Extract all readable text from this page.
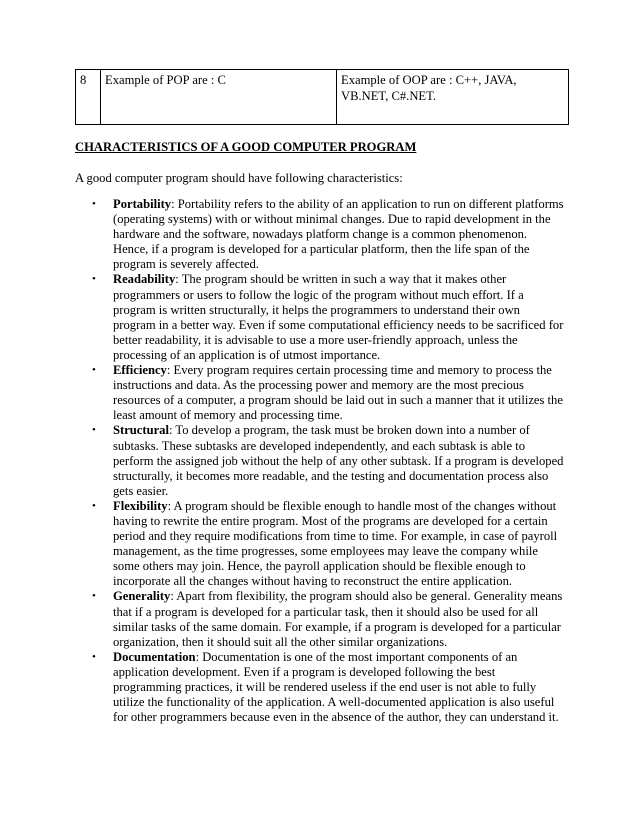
8	Example of POP are : C	Example of OOP are : C++, JAVA, VB.NET, C#.NET.
CHARACTERISTICS OF A GOOD COMPUTER PROGRAM
A good computer program should have following characteristics:
• Portability: Portability refers to the ability of an application to run on different platforms (operating systems) with or without minimal changes. Due to rapid development in the hardware and the software, nowadays platform change is a common phenomenon. Hence, if a program is developed for a particular platform, then the life span of the program is severely affected.
• Readability: The program should be written in such a way that it makes other programmers or users to follow the logic of the program without much effort. If a program is written structurally, it helps the programmers to understand their own program in a better way. Even if some computational efficiency needs to be sacrificed for better readability, it is advisable to use a more user-friendly approach, unless the processing of an application is of utmost importance.
• Efficiency: Every program requires certain processing time and memory to process the instructions and data. As the processing power and memory are the most precious resources of a computer, a program should be laid out in such a manner that it utilizes the least amount of memory and processing time.
• Structural: To develop a program, the task must be broken down into a number of subtasks. These subtasks are developed independently, and each subtask is able to perform the assigned job without the help of any other subtask. If a program is developed structurally, it becomes more readable, and the testing and documentation process also gets easier.
• Flexibility: A program should be flexible enough to handle most of the changes without having to rewrite the entire program. Most of the programs are developed for a certain period and they require modifications from time to time. For example, in case of payroll management, as the time progresses, some employees may leave the company while some others may join. Hence, the payroll application should be flexible enough to incorporate all the changes without having to reconstruct the entire application.
• Generality: Apart from flexibility, the program should also be general. Generality means that if a program is developed for a particular task, then it should also be used for all similar tasks of the same domain. For example, if a program is developed for a particular organization, then it should suit all the other similar organizations.
• Documentation: Documentation is one of the most important components of an application development. Even if a program is developed following the best programming practices, it will be rendered useless if the end user is not able to fully utilize the functionality of the application. A well-documented application is also useful for other programmers because even in the absence of the author, they can understand it.
